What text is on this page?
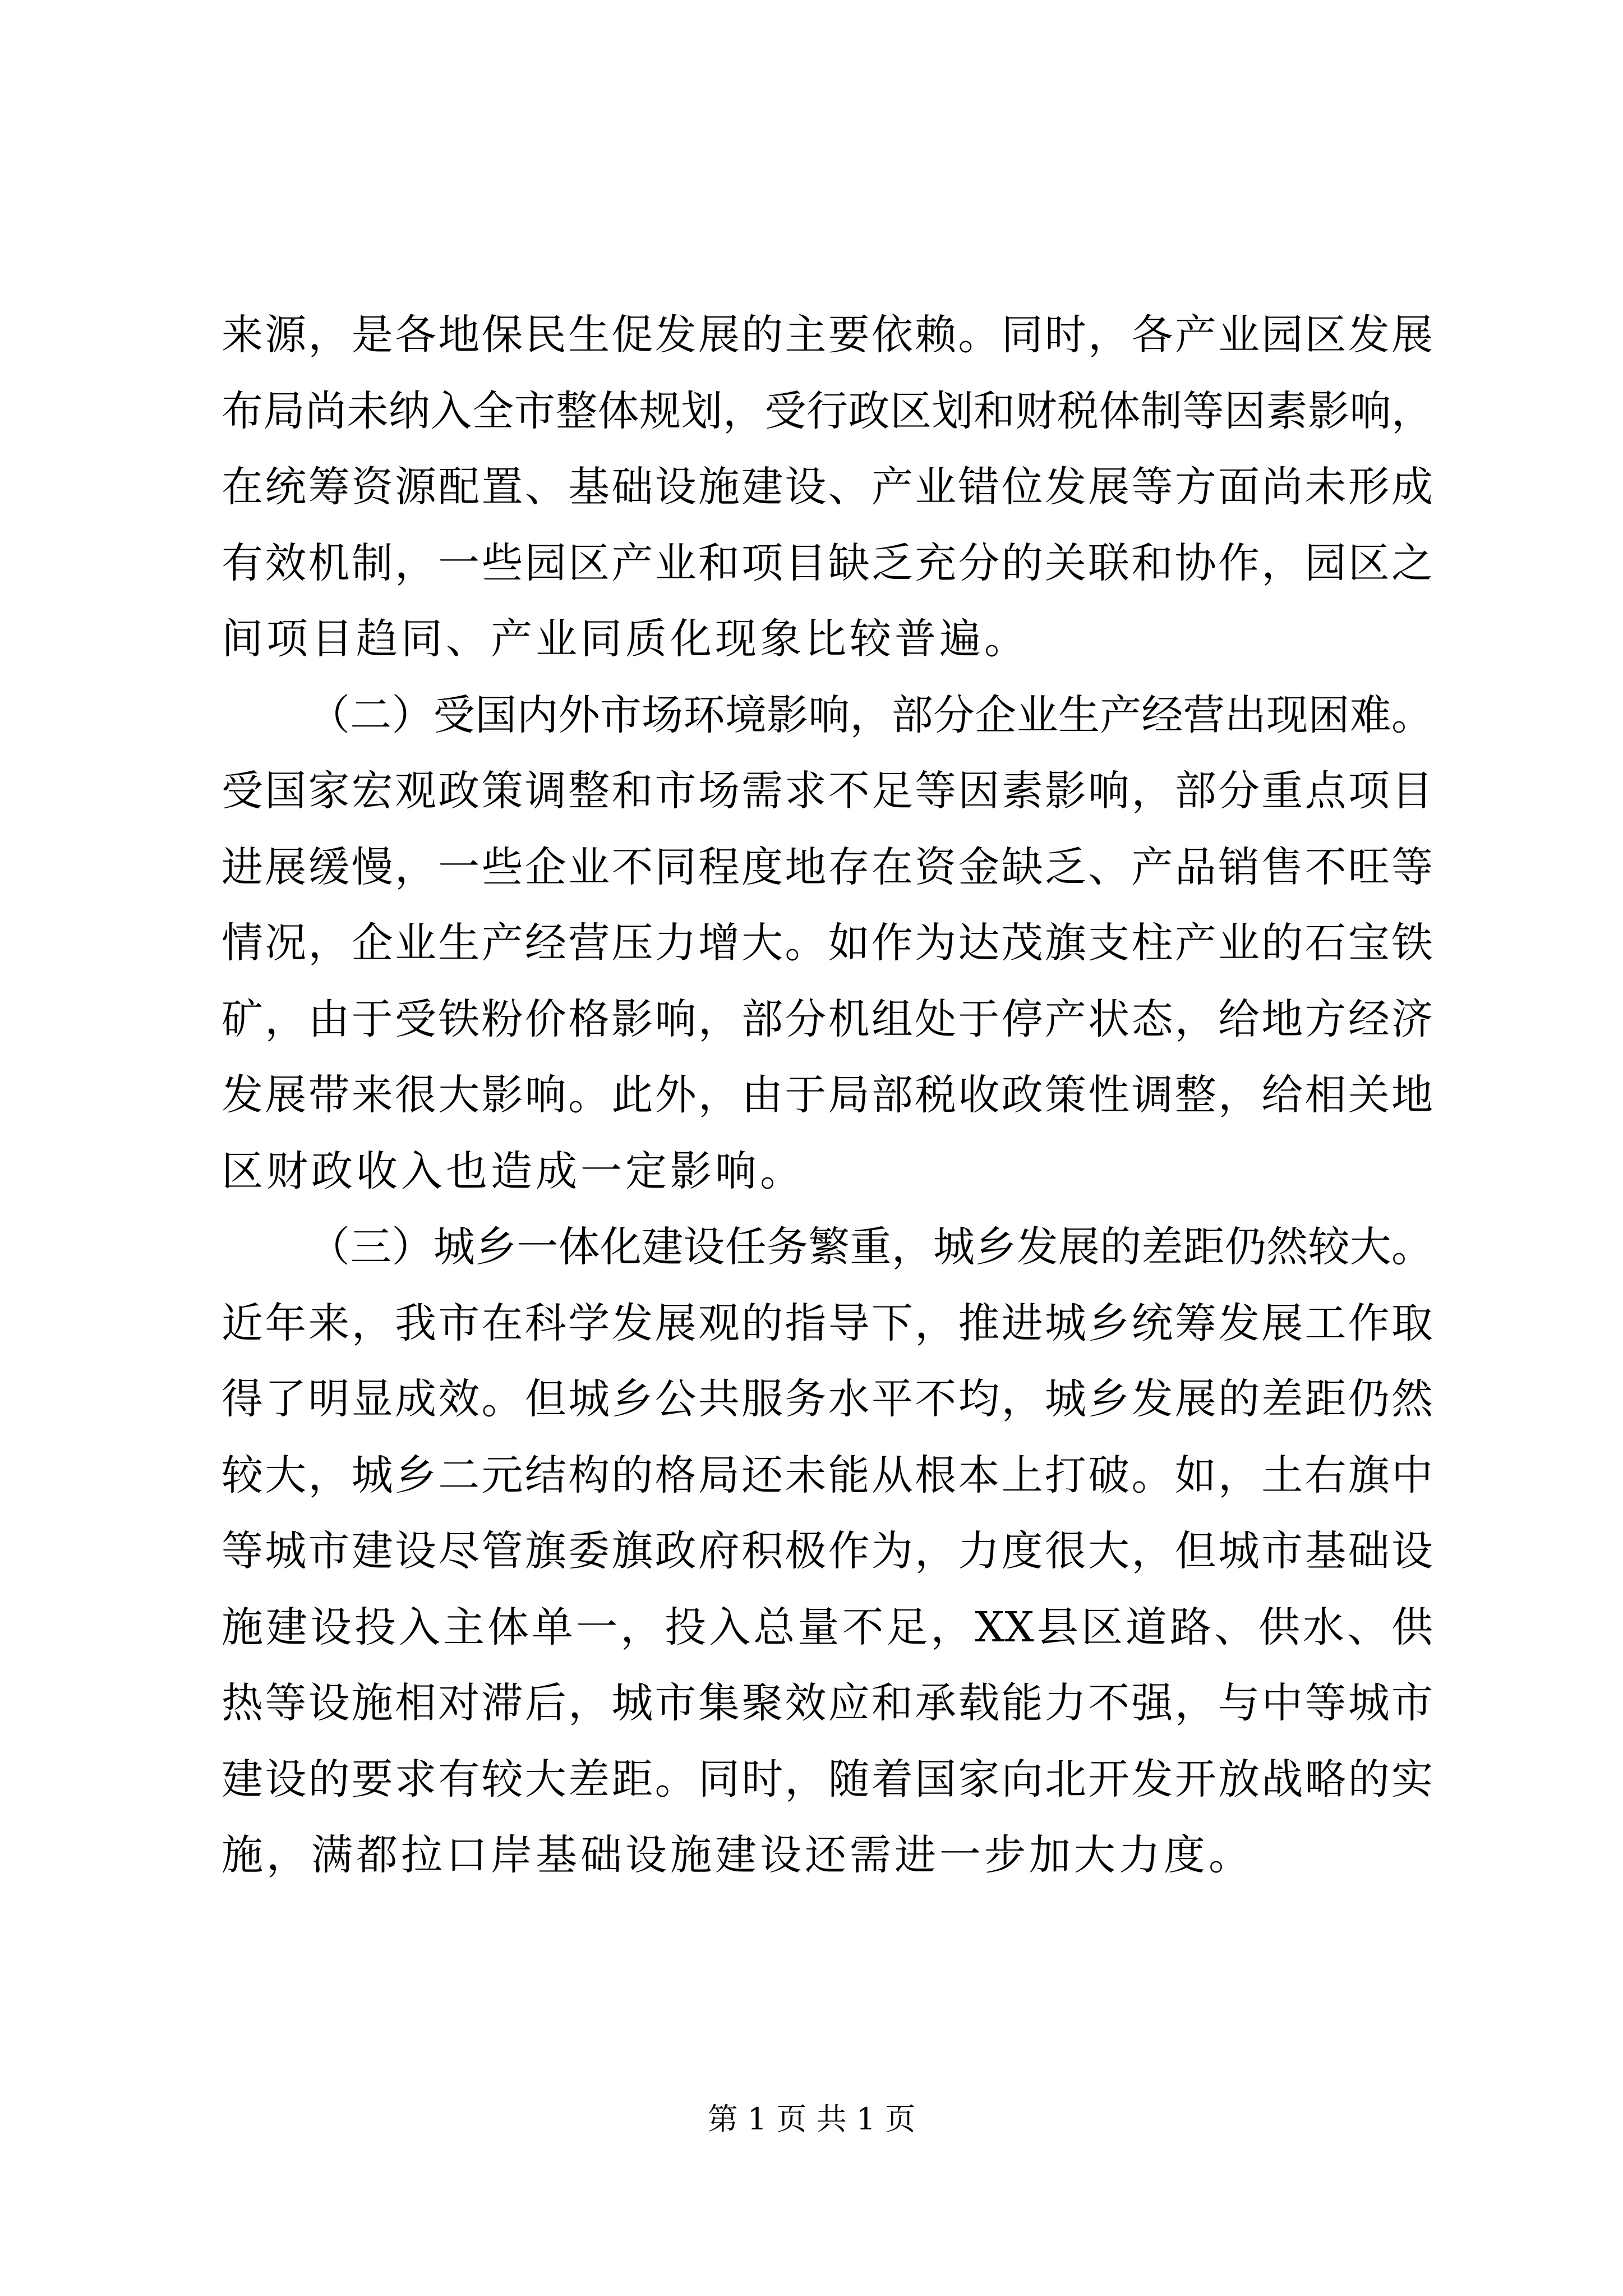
来源，是各地保民生促发展的主要依赖。同时，各产业园区发展
布局尚未纳入全市整体规划，受行政区划和财税体制等因素影响，
在统筹资源配置、基础设施建设、产业错位发展等方面尚未形成
有效机制，一些园区产业和项目缺乏充分的关联和协作，园区之
间项目趋同、产业同质化现象比较普遍。
（二）受国内外市场环境影响，部分企业生产经营出现困难。
受国家宏观政策调整和市场需求不足等因素影响，部分重点项目
进展缓慢，一些企业不同程度地存在资金缺乏、产品销售不旺等
情况，企业生产经营压力增大。如作为达茂旗支柱产业的石宝铁
矿，由于受铁粉价格影响，部分机组处于停产状态，给地方经济
发展带来很大影响。此外，由于局部税收政策性调整，给相关地
区财政收入也造成一定影响。
（三）城乡一体化建设任务繁重，城乡发展的差距仍然较大。
近年来，我市在科学发展观的指导下，推进城乡统筹发展工作取
得了明显成效。但城乡公共服务水平不均，城乡发展的差距仍然
较大，城乡二元结构的格局还未能从根本上打破。如，土右旗中
等城市建设尽管旗委旗政府积极作为，力度很大，但城市基础设
施建设投入主体单一，投入总量不足，XX县区道路、供水、供
热等设施相对滞后，城市集聚效应和承载能力不强，与中等城市
建设的要求有较大差距。同时，随着国家向北开发开放战略的实
施，满都拉口岸基础设施建设还需进一步加大力度。
第 1 页 共 1 页
